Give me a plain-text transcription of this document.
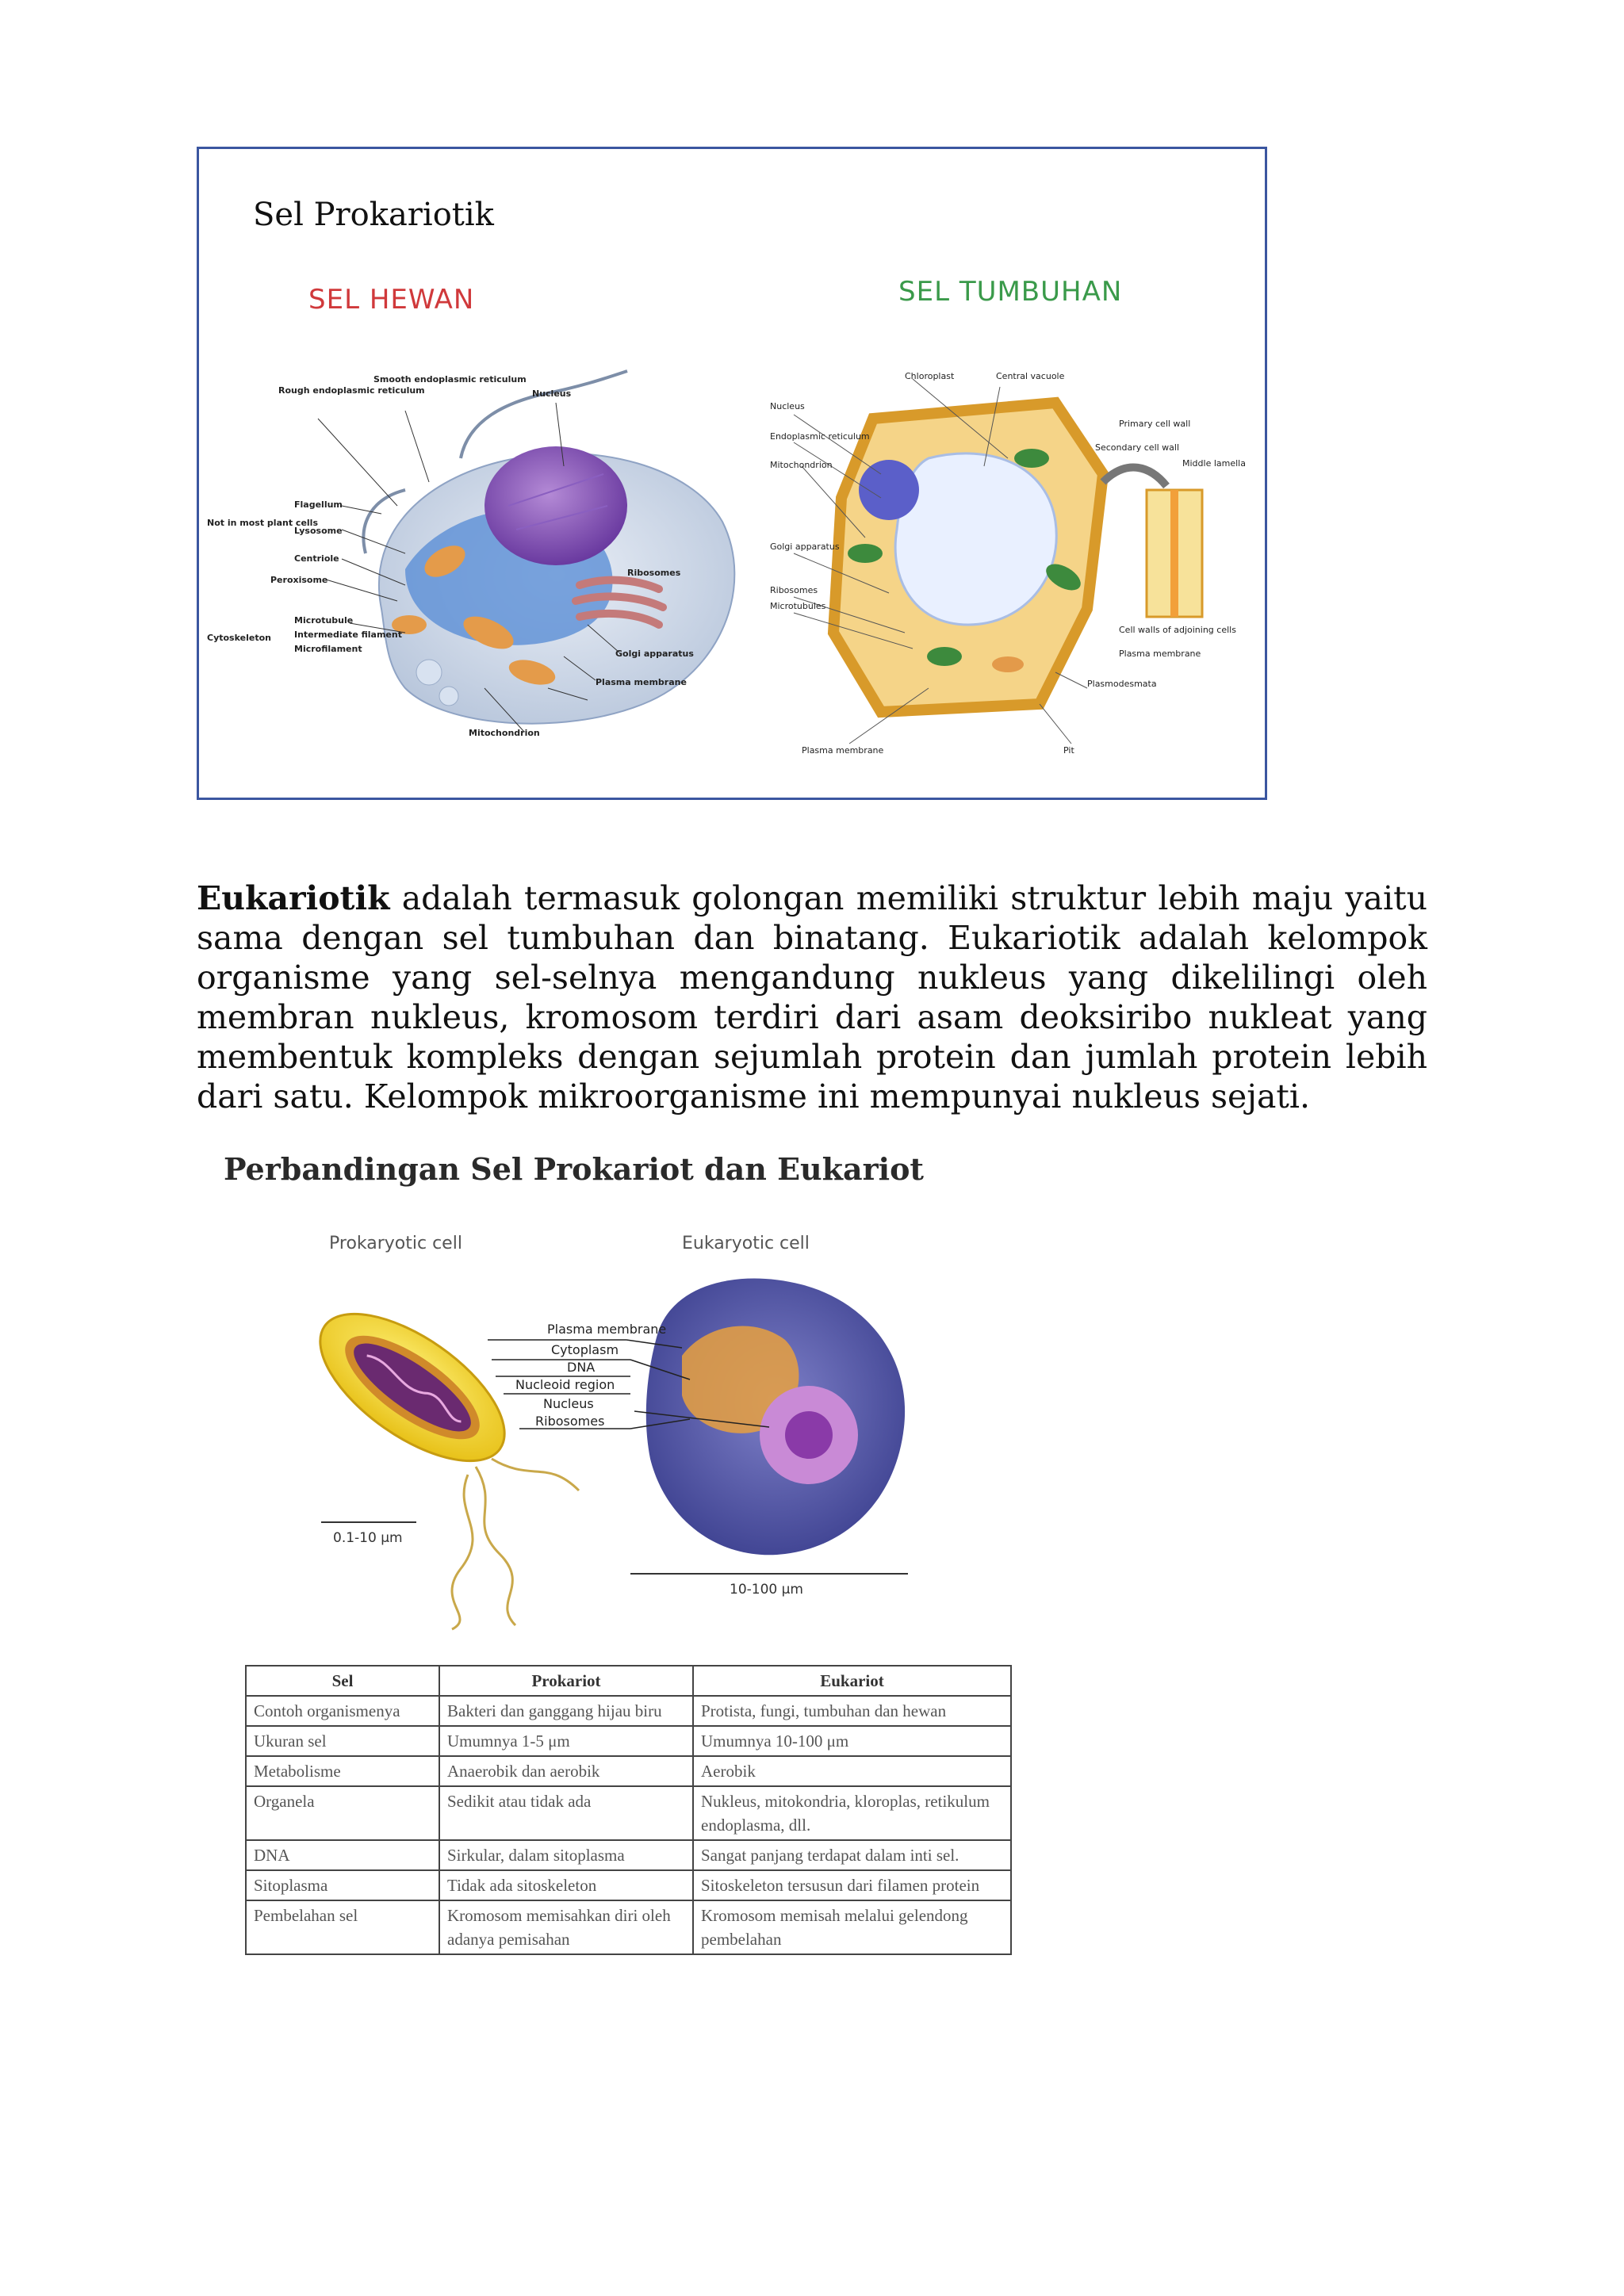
Sel Prokariotik
SEL HEWAN	SEL TUMBUHAN
Rough endoplasmic reticulum
Smooth endoplasmic reticulum
Nucleus
Flagellum
Lysosome
Centriole
Not in most plant cells
Peroxisome
Ribosomes
Golgi apparatus
Plasma membrane
Mitochondrion
Cytoskeleton
Microtubule
Intermediate filament
Microfilament
Chloroplast	Central vacuole
Nucleus
Endoplasmic reticulum
Mitochondrion
Golgi apparatus
Ribosomes
Microtubules
Primary cell wall
Secondary cell wall
Middle lamella
Cell walls of adjoining cells
Plasma membrane
Plasmodesmata
Plasma membrane	Pit
Eukariotik adalah termasuk golongan memiliki struktur lebih maju yaitu sama dengan sel tumbuhan dan binatang. Eukariotik adalah kelompok organisme yang sel-selnya mengandung nukleus yang dikelilingi oleh membran nukleus, kromosom terdiri dari asam deoksiribo nukleat yang membentuk kompleks dengan sejumlah protein dan jumlah protein lebih dari satu. Kelompok mikroorganisme ini mempunyai nukleus sejati.
Perbandingan Sel Prokariot dan Eukariot
Prokaryotic cell	Eukaryotic cell
Plasma membrane
Cytoplasm
DNA
Nucleoid region
Nucleus
Ribosomes
0.1-10 μm
10-100 μm
Sel	Prokariot	Eukariot
Contoh organismenya	Bakteri dan ganggang hijau biru	Protista, fungi, tumbuhan dan hewan
Ukuran sel	Umumnya 1-5 μm	Umumnya 10-100 μm
Metabolisme	Anaerobik dan aerobik	Aerobik
Organela	Sedikit atau tidak ada	Nukleus, mitokondria, kloroplas, retikulum endoplasma, dll.
DNA	Sirkular, dalam sitoplasma	Sangat panjang terdapat dalam inti sel.
Sitoplasma	Tidak ada sitoskeleton	Sitoskeleton tersusun dari filamen protein
Pembelahan sel	Kromosom memisahkan diri oleh adanya pemisahan	Kromosom memisah melalui gelendong pembelahan
